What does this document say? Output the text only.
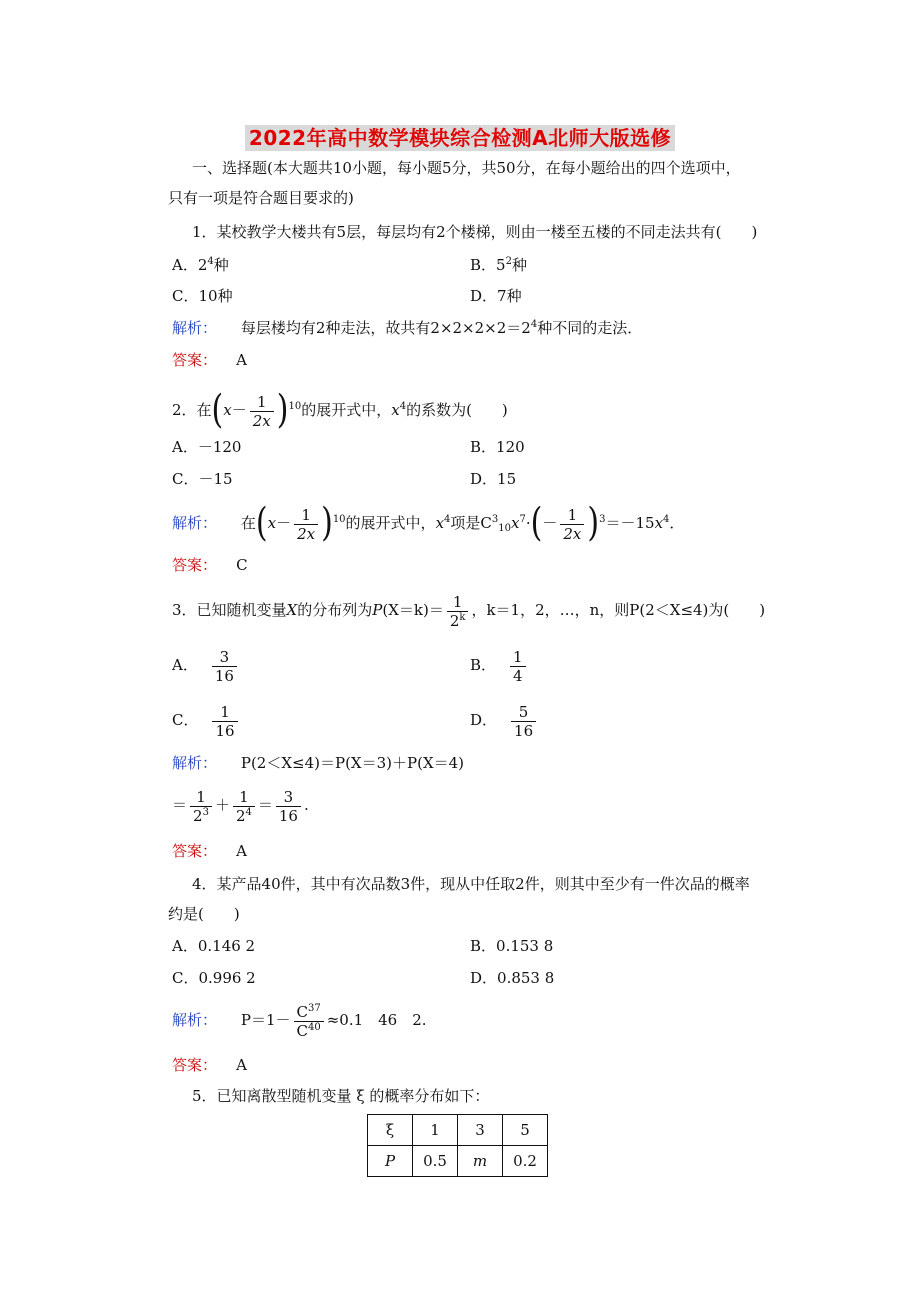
2022年高中数学模块综合检测A北师大版选修
一、选择题(本大题共10小题，每小题5分，共50分，在每小题给出的四个选项中，
只有一项是符合题目要求的)
1．某校教学大楼共有5层，每层均有2个楼梯，则由一楼至五楼的不同走法共有(　　)
A．$2^4$种	B．$5^2$种
C．10种	D．7种
解析： 每层楼均有2种走法，故共有$2\times 2\times 2\times 2=2^4$种不同的走法．
答案： A
2．在$(x- \frac{1}{2x} )^{10}$的展开式中，$x^4$的系数为(　　)
A．－120	B．120
C．－15	D．15
解析： 在$(x- \frac{1}{2x} )^{10}$的展开式中，$x^4$项是$C^3_{10}x^7\cdot(- \frac{1}{2x} )^3=-15x^4$．
答案： C
3．已知随机变量X的分布列为$P(X=k)= \frac{1}{2^k}$ ，k＝1，2，…，n，则P(2＜X≤4)为(　　)
A． $\frac{3}{16}$	B． $\frac{1}{4}$
C． $\frac{1}{16}$	D． $\frac{5}{16}$
解析： P(2＜X≤4)＝P(X＝3)＋P(X＝4)
＝ $\frac{1}{2^3} + \frac{1}{2^4} = \frac{3}{16}$ .
答案： A
4．某产品40件，其中有次品数3件，现从中任取2件，则其中至少有一件次品的概率
约是(　　)
A．0.146 2	B．0.153 8
C．0.996 2	D．0.853 8
解析： $P=1- \frac{C^{37}}{C^{40}} \approx 0.1$　46　2.
答案： A
5．已知离散型随机变量 ξ 的概率分布如下：
ξ	1	3	5
P	0.5	m	0.2
